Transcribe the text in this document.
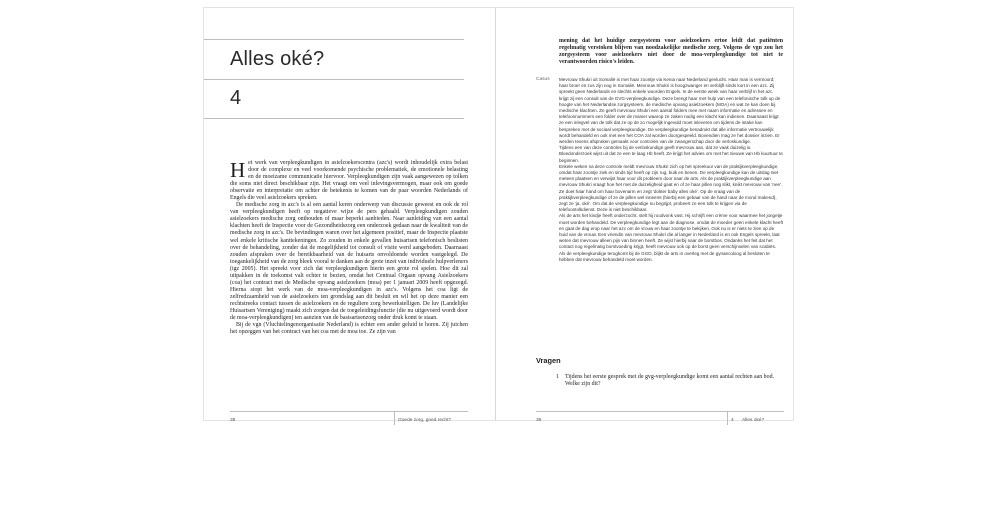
Alles oké?
4

Het werk van verpleegkundigen in asielzoekerscentra (azc's) wordt inhoudelijk extra belast door de complexe en veel voorkomende psychische problematiek, de emotionele belasting en de moeizame communicatie hiervoor. Verpleegkundigen zijn vaak aangewezen op tolken die soms niet direct beschikbaar zijn. Het vraagt om veel inlevingsvermogen, maar ook om goede observatie en interpretatie om achter de betekenis te komen van de paar woorden Nederlands of Engels die veel asielzoekers spreken.

De medische zorg in azc's is al een aantal keren onderwerp van discussie geweest en ook de rol van verpleegkundigen heeft op negatieve wijze de pers gehaald. Verpleegkundigen zouden asielzoekers medische zorg onthouden of maar beperkt aanbieden. Naar aanleiding van een aantal klachten heeft de Inspectie voor de Gezondheidszorg een onderzoek gedaan naar de kwaliteit van de medische zorg in azc's. De bevindingen waren over het algemeen positief, maar de Inspectie plaatste wel enkele kritische kanttekeningen. Zo zouden in enkele gevallen huisartsen telefonisch beslisten over de behandeling, zonder dat de mogelijkheid tot consult of visite werd aangeboden. Daarnaast zouden afspraken over de bereikbaarheid van de huisarts onvoldoende worden vastgelegd. De toegankelijkheid van de zorg bleek vooral te danken aan de grote inzet van individuele hulpverleners (igz 2005). Het spreekt voor zich dat verpleegkundigen hierin een grote rol spelen. Hoe dit zal uitpakken in de toekomst valt echter te bezien, omdat het Centraal Orgaan opvang Asielzoekers (coa) het contract met de Medische opvang asielzoekers (moa) per 1 januari 2009 heeft opgezegd. Hierna stopt het werk van de moa-verpleegkundigen in azc's. Volgens het coa ligt de zelfredzaamheid van de asielzoekers ten grondslag aan dit besluit en wil het op deze manier een rechtstreeks contact tussen de asielzoekers en de reguliere zorg bewerkstelligen. De luv (Landelijke Huisartsen Vereniging) maakt zich zorgen dat de toegeleidingsfunctie (die nu uitgevoerd wordt door de moa-verpleegkundigen) ten aanzien van de basisartsenzorg onder druk komt te staan.

Bij de vgn (Vluchtelingenorganisatie Nederland) is echter een ander geluid te horen. Zij juichen het opzeggen van het contract van het coa met de moa toe. Ze zijn van

38	Goede zorg, goed recht?

mening dat het huidige zorgsysteem voor asielzoekers ertoe leidt dat patiënten regelmatig verstoken blijven van noodzakelijke medische zorg. Volgens de vgn zou het zorgsysteem voor asielzoekers niet door de moa-verpleegkundige tot niet te verantwoorden risico's leiden.

Casus Mevrouw Shukri uit Somalië is met haar zoontje via Kenia naar Nederland gevlucht. Haar man is vermoord; haar broer en zus zijn nog in Somalië. Mevrouw Shukri is hoogzwanger en verblijft sinds kort in een azc. Zij spreekt geen Nederlands en slechts enkele woorden Engels. In de eerste week van haar verblijf in het azc krijgt zij een consult van de GVG-verpleegkundige. Deze brengt haar met hulp van een telefonische tolk op de hoogte van het Nederlandse zorgsysteem, de medische opvang asielzoekers (MOA) en wat ze kan doen bij medische klachten. Ze geeft mevrouw Shukri een aantal folders mee met naam informatie en adressen en telefoonnummers een folder over de manier waarop ze zaken nodig een klacht kan indienen. Daarnaast krijgt ze een inlegvel van de tolk dat ze op de zo mogelijk ingevuld moet inleveren om tijdens de intake kan bespreken met de sociaal verpleegkundige. De verpleegkundige benadrukt dat alle informatie vertrouwelijk wordt behandeld en ook met een het COA zal worden doorgespeeld. Bovendien mag ze het dossier inzien. Er werden tevens afspraken gemaakt voor controles van de zwangerschap door de verloskundige.

Tijdens een van deze controles bij de verloskundige geeft mevrouw aan, dat ze vaak duizelig is. Bloedonderzoek wijst uit dat ze een te laag Hb heeft. Ze krijgt het advies om met het nieuwe van Hb kuurtuur te beginnen.

Enkele weken na deze controle meldt mevrouw Shukri zich op het spreekuur van de praktijkverpleegkundige, omdat haar zoontje ziek en sinds tijd heeft op zijn rug, buik en benen. De verpleegkundige kan de uitslag niet meteen plaatsen en verwijst haar voor dit probleem door naar de arts. Als de praktijkverpleegkundige aan mevrouw Shukri vraagt hoe het met de duizeligheid gaat en of ze haar pillen nog slikt, knikt mevrouw van 'nee'. Ze doet haar hand om haar bovenarm en zegt 'dokter baby alles oké'. Op de vraag van de praktijkverpleegkundige of ze de pillen wel inneemt (hierbij een gebaar van de hand naar de mond makend), zegt ze 'ja, oké'. Om dat de verpleegkundige nu begrijpt, probeert ze een tolk te krijgen via de telefoontolkdienst. Deze is niet beschikbaar.

Als de arts het kindje heeft onderzocht, stelt hij roodvonk vast. Hij schrijft een crème voor waarmee het jongetje moet worden behandeld. De verpleegkundige legt aan de diagnose, omdat de moeder geen enkele klacht heeft en gaat de dag erop naar het azc om de vrouw en haar zoontje te bekijken. Ook nu is er niets te zien op de huid van de vrouw. Een vriendin van mevrouw Shukri die al langer in Nederland is en ook Engels spreekt, laat weten dat mevrouw alleen pijn van binnen heeft. Ze wijst hierbij naar de borstbos. Ondanks het feit dat het contact nog regelmatig borstvoeding krijgt, heeft mevrouw ook op de borst geen verschijnselen van scabiës. Als de verpleegkundige terugkomt bij de GGD, blijkt de arts in overleg met de gynaecoloog al besloten te hebben dat mevrouw behandeld moet worden.

Vragen
1	Tijdens het eerste gesprek met de gvg-verpleegkundige komt een aantal rechten aan bod. Welke zijn dit?
39	4 Alles oké?
